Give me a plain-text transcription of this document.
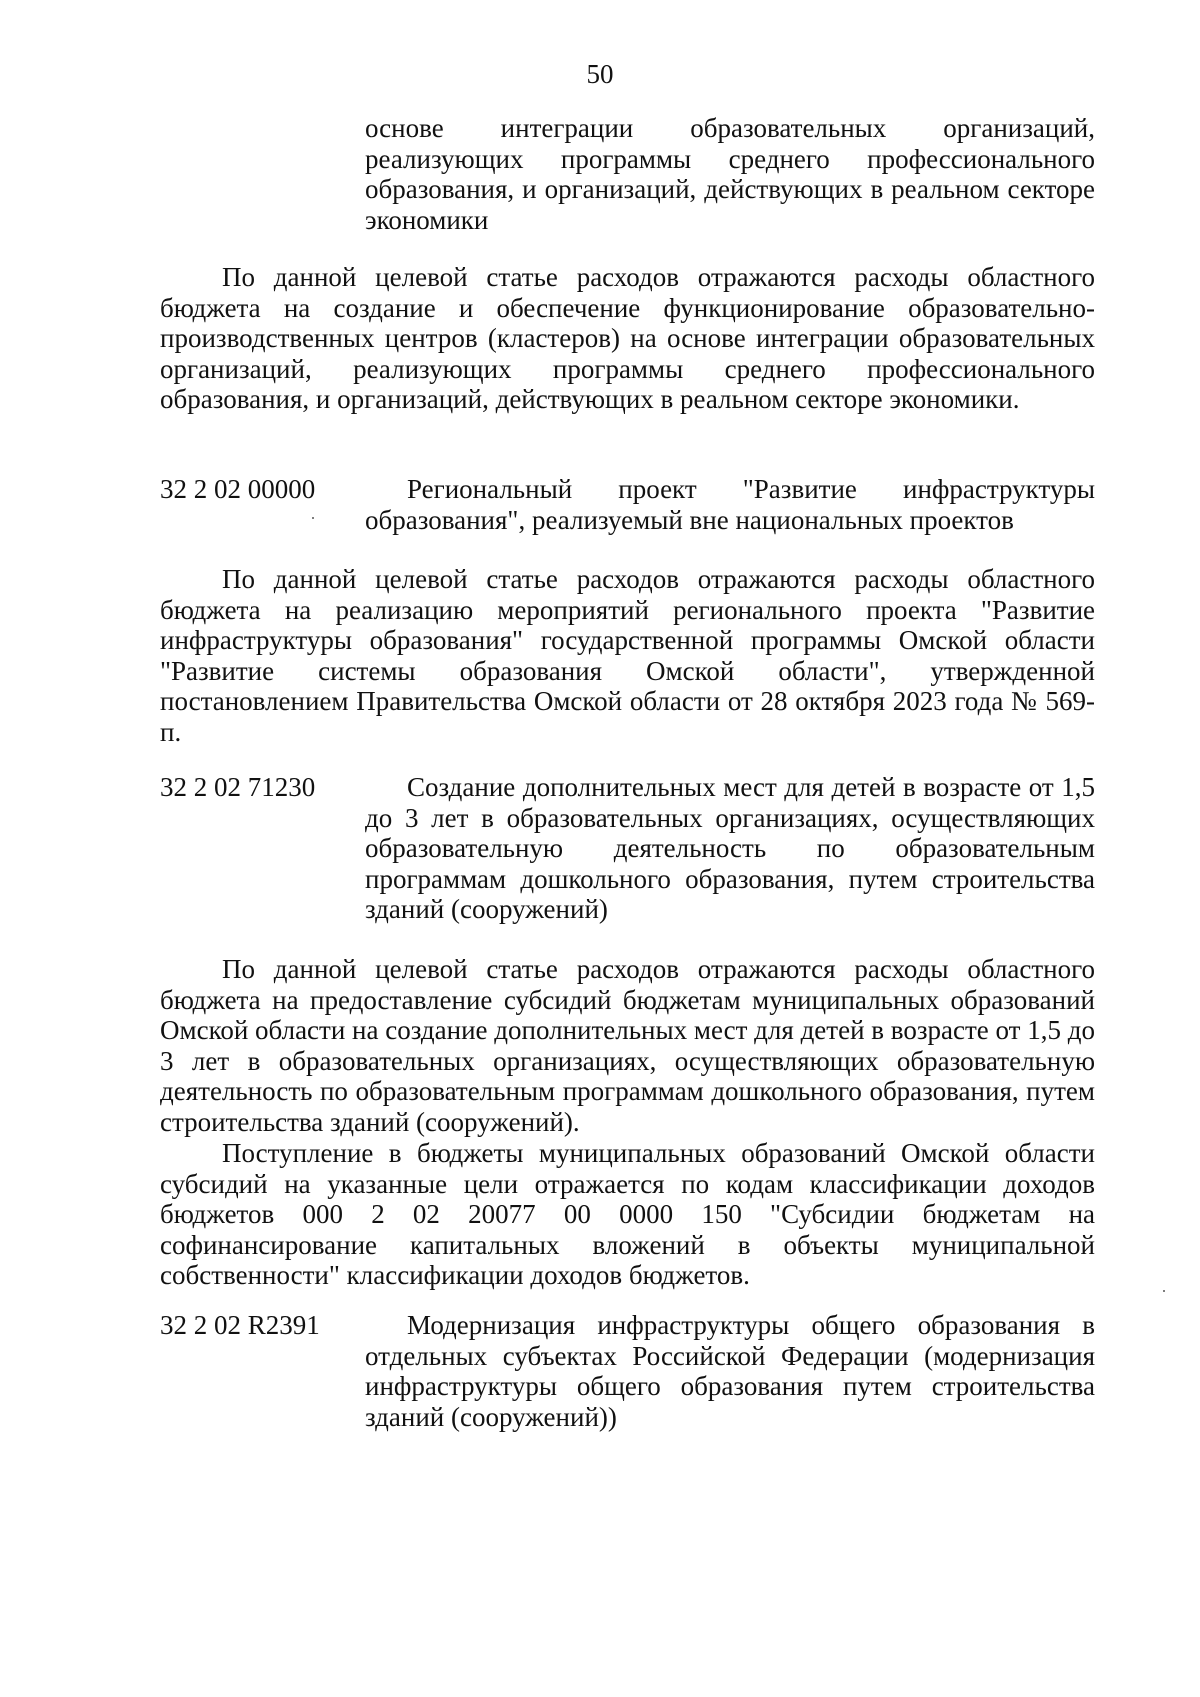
50
основе интеграции образовательных организаций, реализующих программы среднего профессионального образования, и организаций, действующих в реальном секторе экономики
По данной целевой статье расходов отражаются расходы областного бюджета на создание и обеспечение функционирование образовательно-производственных центров (кластеров) на основе интеграции образовательных организаций, реализующих программы среднего профессионального образования, и организаций, действующих в реальном секторе экономики.
32 2 02 00000	Региональный проект "Развитие инфраструктуры образования", реализуемый вне национальных проектов
По данной целевой статье расходов отражаются расходы областного бюджета на реализацию мероприятий регионального проекта "Развитие инфраструктуры образования" государственной программы Омской области "Развитие системы образования Омской области", утвержденной постановлением Правительства Омской области от 28 октября 2023 года № 569-п.
32 2 02 71230	Создание дополнительных мест для детей в возрасте от 1,5 до 3 лет в образовательных организациях, осуществляющих образовательную деятельность по образовательным программам дошкольного образования, путем строительства зданий (сооружений)
По данной целевой статье расходов отражаются расходы областного бюджета на предоставление субсидий бюджетам муниципальных образований Омской области на создание дополнительных мест для детей в возрасте от 1,5 до 3 лет в образовательных организациях, осуществляющих образовательную деятельность по образовательным программам дошкольного образования, путем строительства зданий (сооружений).
Поступление в бюджеты муниципальных образований Омской области субсидий на указанные цели отражается по кодам классификации доходов бюджетов 000 2 02 20077 00 0000 150 "Субсидии бюджетам на софинансирование капитальных вложений в объекты муниципальной собственности" классификации доходов бюджетов.
32 2 02 R2391	Модернизация инфраструктуры общего образования в отдельных субъектах Российской Федерации (модернизация инфраструктуры общего образования путем строительства зданий (сооружений))
